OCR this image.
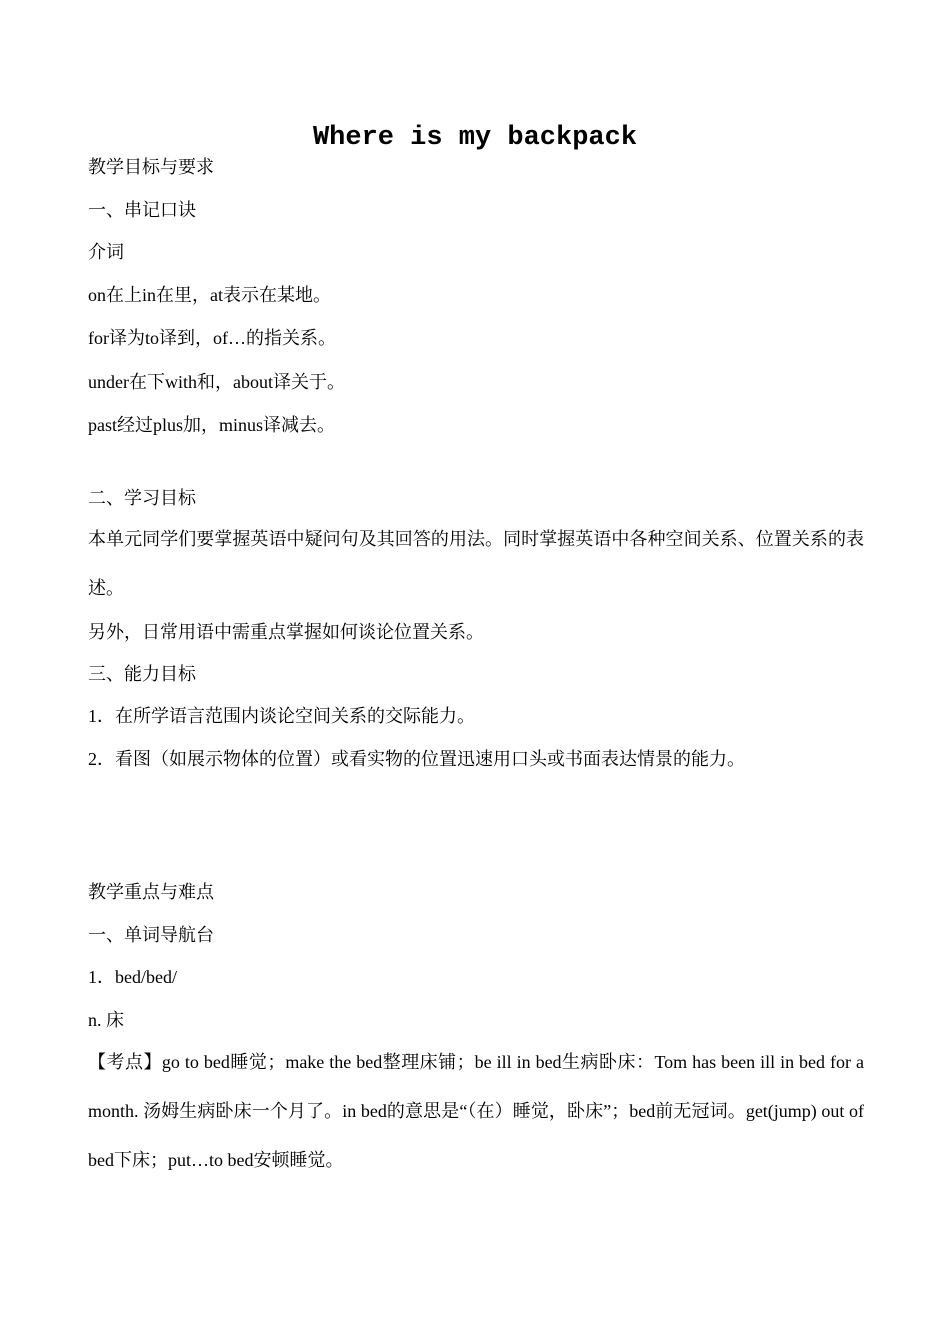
Where is my backpack
教学目标与要求
一、串记口诀
介词
on在上in在里，at表示在某地。
for译为to译到，of…的指关系。
under在下with和，about译关于。
past经过plus加，minus译减去。
二、学习目标
本单元同学们要掌握英语中疑问句及其回答的用法。同时掌握英语中各种空间关系、位置关系的表述。
另外，日常用语中需重点掌握如何谈论位置关系。
三、能力目标
1．在所学语言范围内谈论空间关系的交际能力。
2．看图（如展示物体的位置）或看实物的位置迅速用口头或书面表达情景的能力。
教学重点与难点
一、单词导航台
1．bed/bed/
n. 床
【考点】go to bed睡觉；make the bed整理床铺；be ill in bed生病卧床：Tom has been ill in bed for a month. 汤姆生病卧床一个月了。in bed的意思是“（在）睡觉，卧床”；bed前无冠词。get(jump) out of bed下床；put…to bed安顿睡觉。
